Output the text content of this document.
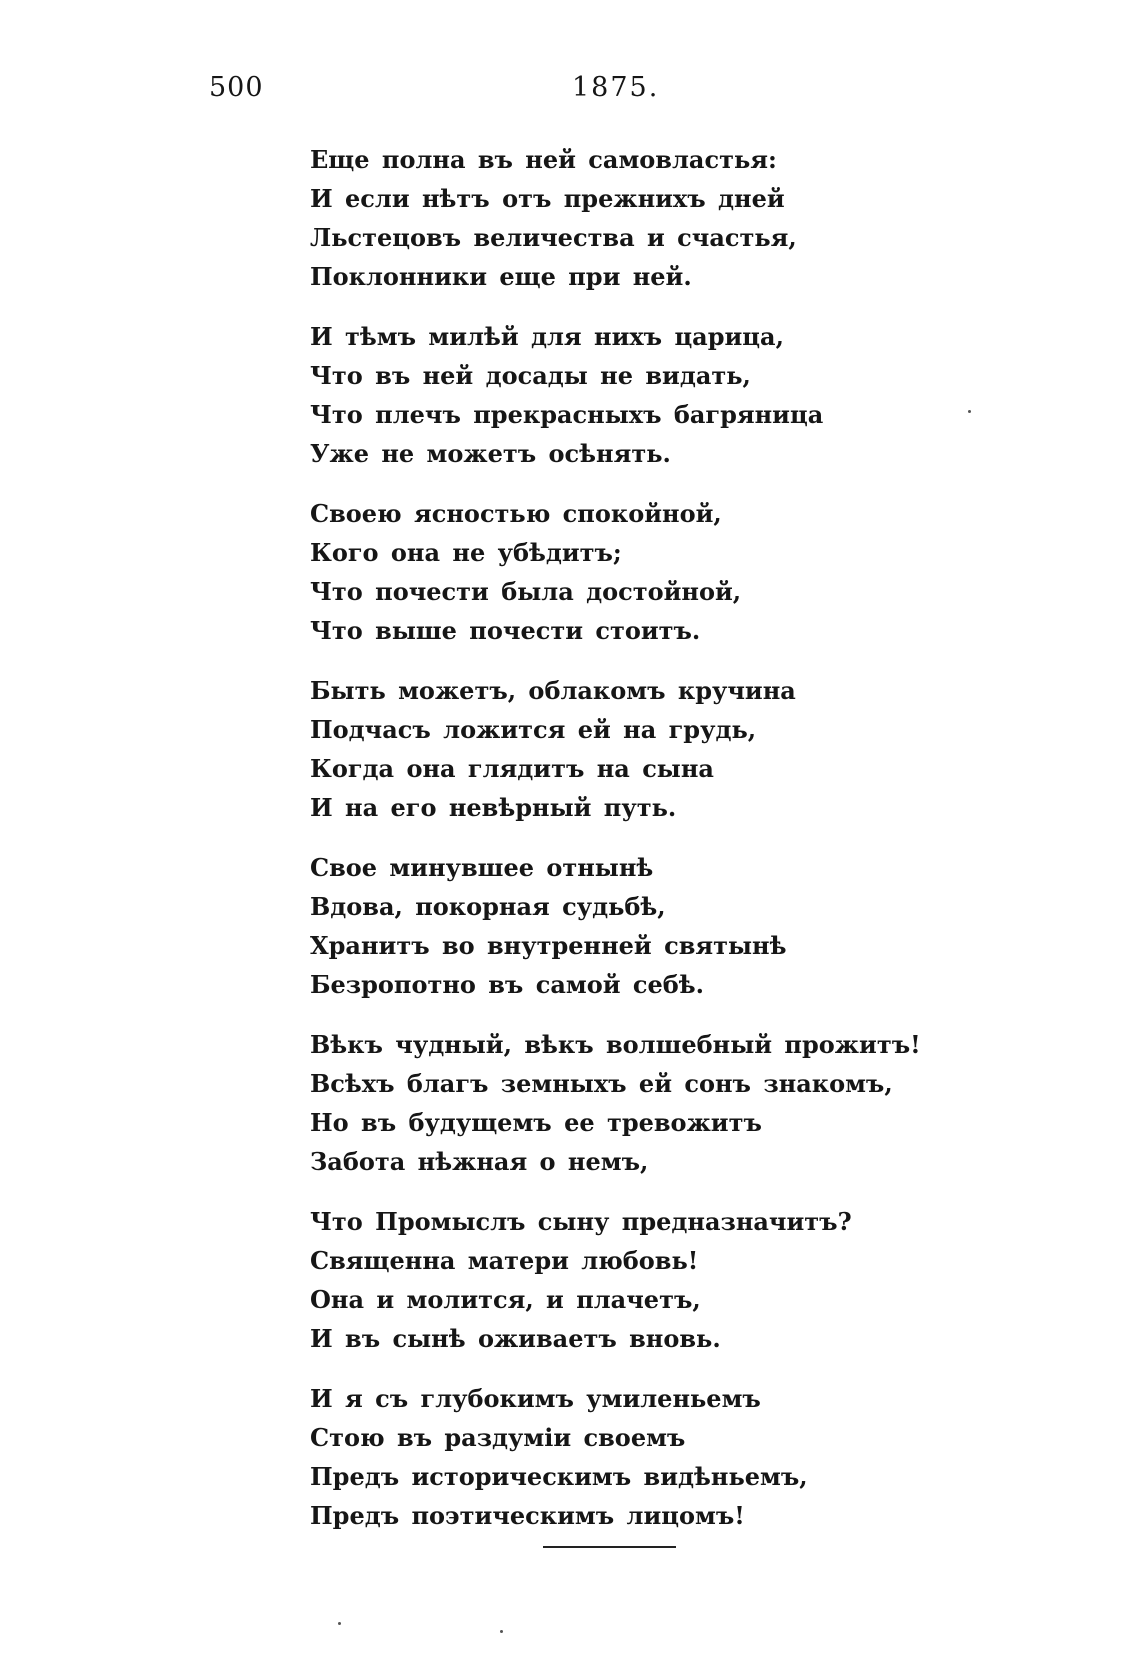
500	1875.
Еще полна въ ней самовластья:
И если нѣтъ отъ прежнихъ дней
Льстецовъ величества и счастья,
Поклонники еще при ней.
И тѣмъ милѣй для нихъ царица,
Что въ ней досады не видать,
Что плечъ прекрасныхъ багряница
Уже не можетъ осѣнять.
Своею ясностью спокойной,
Кого она не убѣдитъ;
Что почести была достойной,
Что выше почести стоитъ.
Быть можетъ, облакомъ кручина
Подчасъ ложится ей на грудь,
Когда она глядитъ на сына
И на его невѣрный путь.
Свое минувшее отнынѣ
Вдова, покорная судьбѣ,
Хранитъ во внутренней святынѣ
Безропотно въ самой себѣ.
Вѣкъ чудный, вѣкъ волшебный прожитъ!
Всѣхъ благъ земныхъ ей сонъ знакомъ,
Но въ будущемъ ее тревожитъ
Забота нѣжная о немъ,
Что Промыслъ сыну предназначитъ?
Священна матери любовь!
Она и молится, и плачетъ,
И въ сынѣ оживаетъ вновь.
И я съ глубокимъ умиленьемъ
Стою въ раздуміи своемъ
Предъ историческимъ видѣньемъ,
Предъ поэтическимъ лицомъ!
